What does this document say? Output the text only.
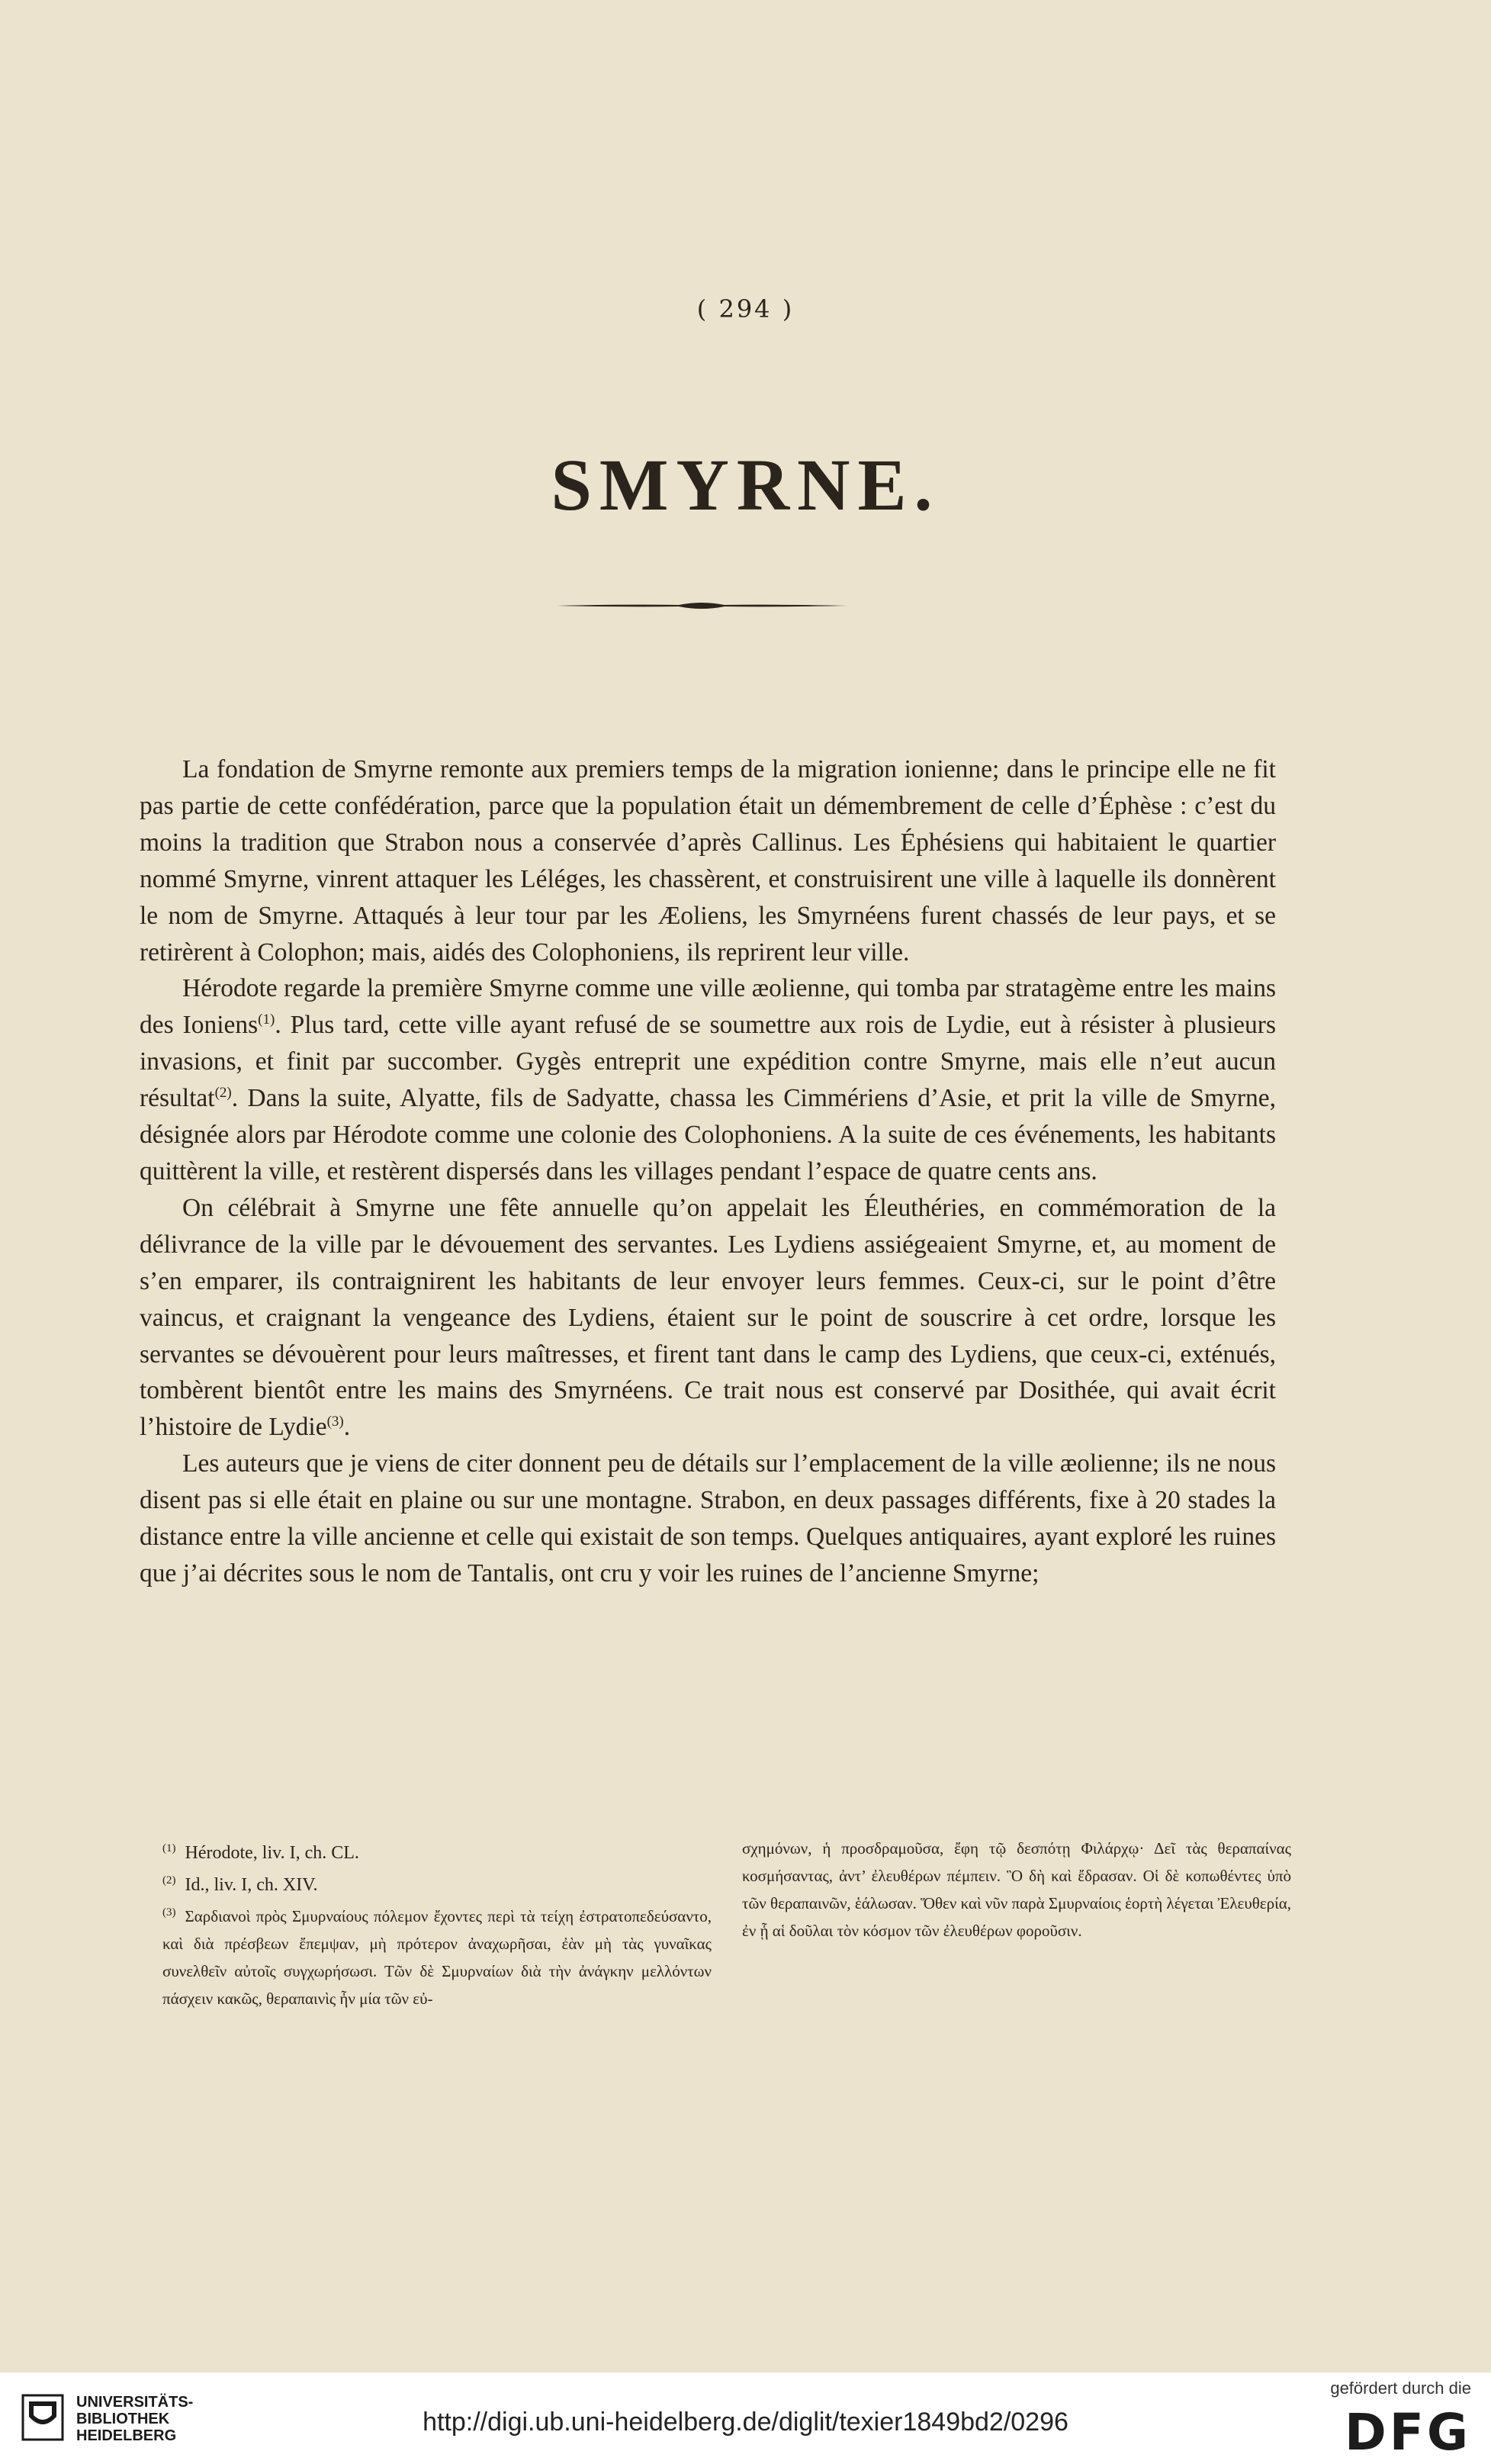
( 294 )
SMYRNE.

La fondation de Smyrne remonte aux premiers temps de la migration ionienne; dans le principe elle ne fit pas partie de cette confédération, parce que la population était un démembrement de celle d’Éphèse : c’est du moins la tradition que Strabon nous a conservée d’après Callinus. Les Éphésiens qui habitaient le quartier nommé Smyrne, vinrent attaquer les Léléges, les chassèrent, et construisirent une ville à laquelle ils donnèrent le nom de Smyrne. Attaqués à leur tour par les Æoliens, les Smyrnéens furent chassés de leur pays, et se retirèrent à Colophon; mais, aidés des Colophoniens, ils reprirent leur ville.

Hérodote regarde la première Smyrne comme une ville æolienne, qui tomba par stratagème entre les mains des Ioniens$^{(1)}$. Plus tard, cette ville ayant refusé de se soumettre aux rois de Lydie, eut à résister à plusieurs invasions, et finit par succomber. Gygès entreprit une expédition contre Smyrne, mais elle n’eut aucun résultat$^{(2)}$. Dans la suite, Alyatte, fils de Sadyatte, chassa les Cimmériens d’Asie, et prit la ville de Smyrne, désignée alors par Hérodote comme une colonie des Colophoniens. A la suite de ces événements, les habitants quittèrent la ville, et restèrent dispersés dans les villages pendant l’espace de quatre cents ans.

On célébrait à Smyrne une fête annuelle qu’on appelait les Éleuthéries, en commémoration de la délivrance de la ville par le dévouement des servantes. Les Lydiens assiégeaient Smyrne, et, au moment de s’en emparer, ils contraignirent les habitants de leur envoyer leurs femmes. Ceux-ci, sur le point d’être vaincus, et craignant la vengeance des Lydiens, étaient sur le point de souscrire à cet ordre, lorsque les servantes se dévouèrent pour leurs maîtresses, et firent tant dans le camp des Lydiens, que ceux-ci, exténués, tombèrent bientôt entre les mains des Smyrnéens. Ce trait nous est conservé par Dosithée, qui avait écrit l’histoire de Lydie$^{(3)}$.

Les auteurs que je viens de citer donnent peu de détails sur l’emplacement de la ville æolienne; ils ne nous disent pas si elle était en plaine ou sur une montagne. Strabon, en deux passages différents, fixe à 20 stades la distance entre la ville ancienne et celle qui existait de son temps. Quelques antiquaires, ayant exploré les ruines que j’ai décrites sous le nom de Tantalis, ont cru y voir les ruines de l’ancienne Smyrne;

$^{(1)}$ Hérodote, liv. I, ch. CL.
$^{(2)}$ Id., liv. I, ch. XIV.
$^{(3)}$ Σαρδιανοὶ πρὸς Σμυρναίους πόλεμον ἔχοντες περὶ τὰ τείχη ἐστρατοπεδεύσαντο, καὶ διὰ πρέσβεων ἔπεμψαν, μὴ πρότερον ἀναχωρῆσαι, ἐὰν μὴ τὰς γυναῖκας συνελθεῖν αὐτοῖς συγχωρήσωσι. Τῶν δὲ Σμυρναίων διὰ τὴν ἀνάγκην μελλόντων πάσχειν κακῶς, θεραπαινὶς ἦν μία τῶν εὐ-
σχημόνων, ἡ προσδραμοῦσα, ἔφη τῷ δεσπότῃ Φιλάρχῳ· Δεῖ τὰς θεραπαίνας κοσμήσαντας, ἀντ’ ἐλευθέρων πέμπειν. Ὃ δὴ καὶ ἔδρασαν. Οἱ δὲ κοπωθέντες ὑπὸ τῶν θεραπαινῶν, ἑάλωσαν. Ὅθεν καὶ νῦν παρὰ Σμυρναίοις ἑορτὴ λέγεται Ἐλευθερία, ἐν ᾗ αἱ δοῦλαι τὸν κόσμον τῶν ἐλευθέρων φοροῦσιν.
UNIVERSITÄTS-
BIBLIOTHEK
HEIDELBERG	http://digi.ub.uni-heidelberg.de/diglit/texier1849bd2/0296
gefördert durch die
DFG
